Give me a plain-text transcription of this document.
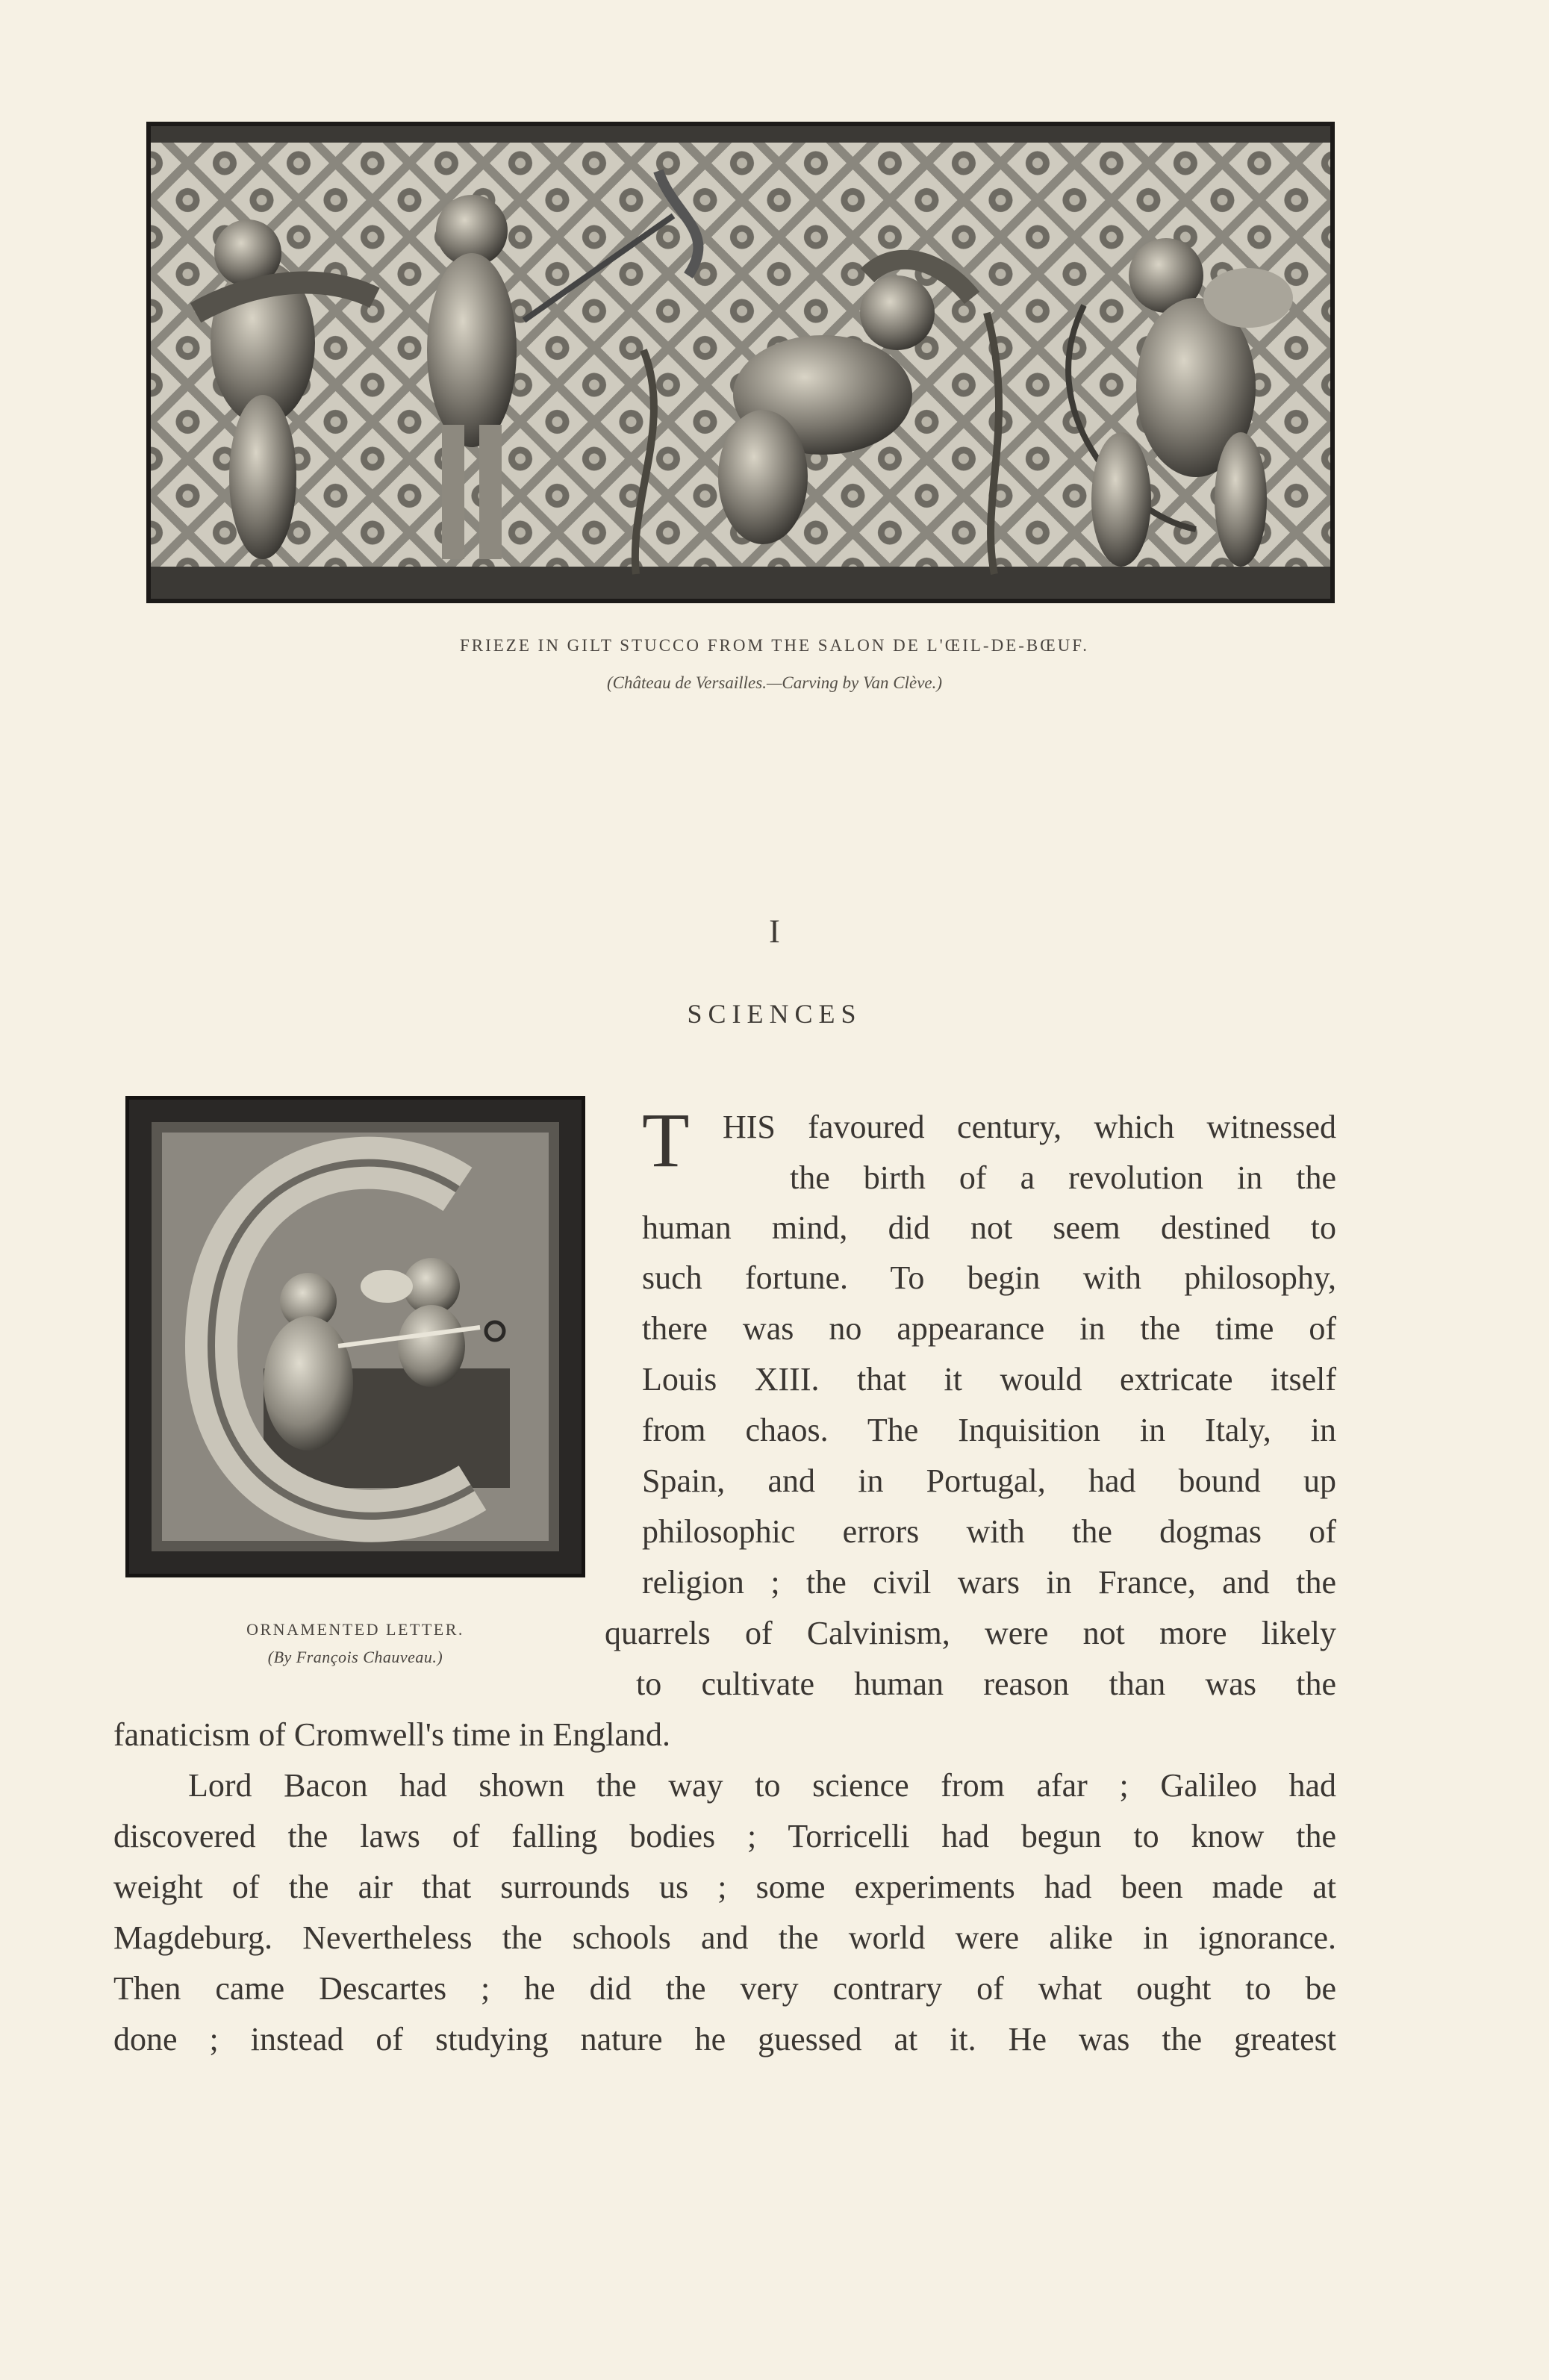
FRIEZE IN GILT STUCCO FROM THE SALON DE L'ŒIL-DE-BŒUF.
(Château de Versailles.—Carving by Van Clève.)
I
SCIENCES
ORNAMENTED LETTER.
(By François Chauveau.)
T HIS favoured century, which witnessed
the birth of a revolution in the
human mind, did not seem destined to
such fortune. To begin with philosophy,
there was no appearance in the time of
Louis XIII. that it would extricate itself
from chaos. The Inquisition in Italy, in
Spain, and in Portugal, had bound up
philosophic errors with the dogmas of
religion ; the civil wars in France, and the
quarrels of Calvinism, were not more likely
to cultivate human reason than was the
fanaticism of Cromwell's time in England.
Lord Bacon had shown the way to science from afar ; Galileo had
discovered the laws of falling bodies ; Torricelli had begun to know the
weight of the air that surrounds us ; some experiments had been made at
Magdeburg. Nevertheless the schools and the world were alike in ignorance.
Then came Descartes ; he did the very contrary of what ought to be
done ; instead of studying nature he guessed at it. He was the greatest
